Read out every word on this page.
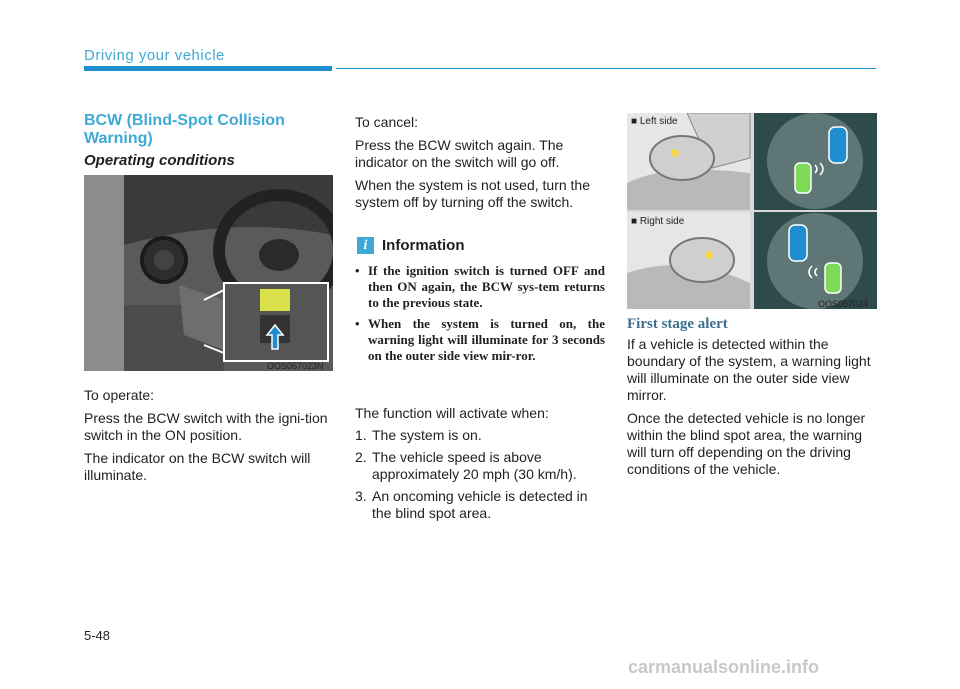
Driving your vehicle
BCW (Blind-Spot Collision Warning)
Operating conditions
OOS057023N

To operate:

Press the BCW switch with the igni-tion switch in the ON position.

The indicator on the BCW switch will illuminate.

To cancel:

Press the BCW switch again. The indicator on the switch will go off.

When the system is not used, turn the system off by turning off the switch.

i Information
• If the ignition switch is turned OFF and then ON again, the BCW sys-tem returns to the previous state.
• When the system is turned on, the warning light will illuminate for 3 seconds on the outer side view mir-ror.

The function will activate when:

1. The system is on.
2. The vehicle speed is above approximately 20 mph (30 km/h).
3. An oncoming vehicle is detected in the blind spot area.
■ Left side
■ Right side
OOS057024
First stage alert

If a vehicle is detected within the boundary of the system, a warning light will illuminate on the outer side view mirror.

Once the detected vehicle is no longer within the blind spot area, the warning will turn off depending on the driving conditions of the vehicle.

5-48
carmanualsonline.info
